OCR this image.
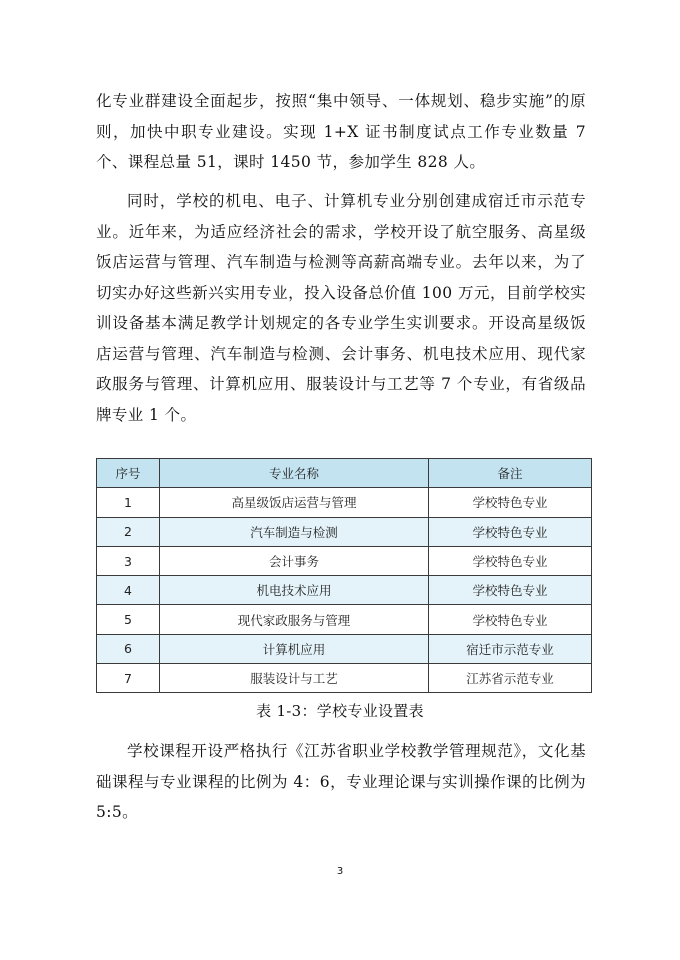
化专业群建设全面起步，按照“集中领导、一体规划、稳步实施”的原则，加快中职专业建设。实现 1+X 证书制度试点工作专业数量 7 个、课程总量 51，课时 1450 节，参加学生 828 人。

同时，学校的机电、电子、计算机专业分别创建成宿迁市示范专业。近年来，为适应经济社会的需求，学校开设了航空服务、高星级饭店运营与管理、汽车制造与检测等高薪高端专业。去年以来，为了切实办好这些新兴实用专业，投入设备总价值 100 万元，目前学校实训设备基本满足教学计划规定的各专业学生实训要求。开设高星级饭店运营与管理、汽车制造与检测、会计事务、机电技术应用、现代家政服务与管理、计算机应用、服装设计与工艺等 7 个专业，有省级品牌专业 1 个。

序号	专业名称	备注
1	高星级饭店运营与管理	学校特色专业
2	汽车制造与检测	学校特色专业
3	会计事务	学校特色专业
4	机电技术应用	学校特色专业
5	现代家政服务与管理	学校特色专业
6	计算机应用	宿迁市示范专业
7	服装设计与工艺	江苏省示范专业
表 1-3：学校专业设置表

学校课程开设严格执行《江苏省职业学校教学管理规范》，文化基础课程与专业课程的比例为 4：6，专业理论课与实训操作课的比例为 5:5。

3
